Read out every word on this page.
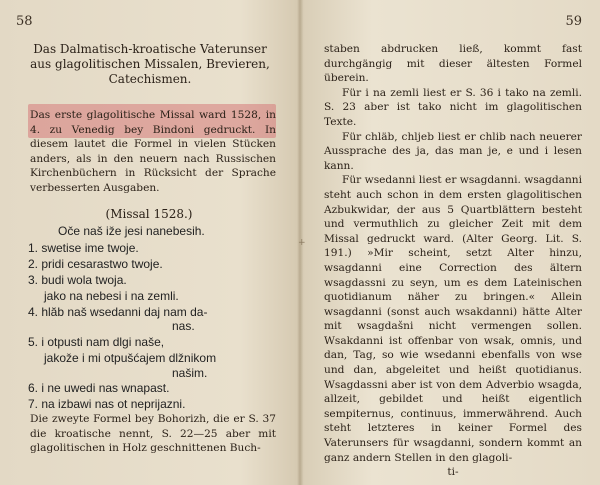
+
58
Das Dalmatisch-kroatische Vaterunser aus glagolitischen Missalen, Brevieren, Catechismen.
Das erste glagolitische Missal ward 1528, in 4. zu Venedig bey Bindoni gedruckt. In diesem lautet die Formel in vielen Stücken anders, als in den neuern nach Russischen Kirchenbüchern in Rücksicht der Sprache verbesserten Ausgaben.
(Missal 1528.)
Oče naš iže jesi nanebesih.
1. swetise ime twoje.
2. pridi cesarastwo twoje.
3. budi wola twoja.
jako na nebesi i na zemli.
4. hlăb naš wsedanni daj nam da-
nas.
5. i otpusti nam dlgi naše,
jakože i mi otpušćajem dlžnikom
našim.
6. i ne uwedi nas wnapast.
7. na izbawi nas ot neprijazni.
Die zweyte Formel bey Bohorizh, die er S. 37 die kroatische nennt, S. 22—25 aber mit glagolitischen in Holz geschnittenen Buch-
59

staben abdrucken ließ, kommt fast durchgängig mit dieser ältesten Formel überein.

Für i na zemli liest er S. 36 i tako na zemli. S. 23 aber ist tako nicht im glagolitischen Texte.

Für chläb, chljeb liest er chlib nach neuerer Aussprache des ja, das man je, e und i lesen kann.

Für wsedanni liest er wsagdanni. wsagdanni steht auch schon in dem ersten glagolitischen Azbukwidar, der aus 5 Quartblättern besteht und vermuthlich zu gleicher Zeit mit dem Missal gedruckt ward. (Alter Georg. Lit. S. 191.) »Mir scheint, setzt Alter hinzu, wsagdanni eine Correction des ältern wsagdassni zu seyn, um es dem Lateinischen quotidianum näher zu bringen.« Allein wsagdanni (sonst auch wsakdanni) hätte Alter mit wsagdašni nicht vermengen sollen. Wsakdanni ist offenbar von wsak, omnis, und dan, Tag, so wie wsedanni ebenfalls von wse und dan, abgeleitet und heißt quotidianus. Wsagdassni aber ist von dem Adverbio wsagda, allzeit, gebildet und heißt eigentlich sempiternus, continuus, immerwährend. Auch steht letzteres in keiner Formel des Vaterunsers für wsagdanni, sondern kommt an ganz andern Stellen in den glagoli-

ti-
